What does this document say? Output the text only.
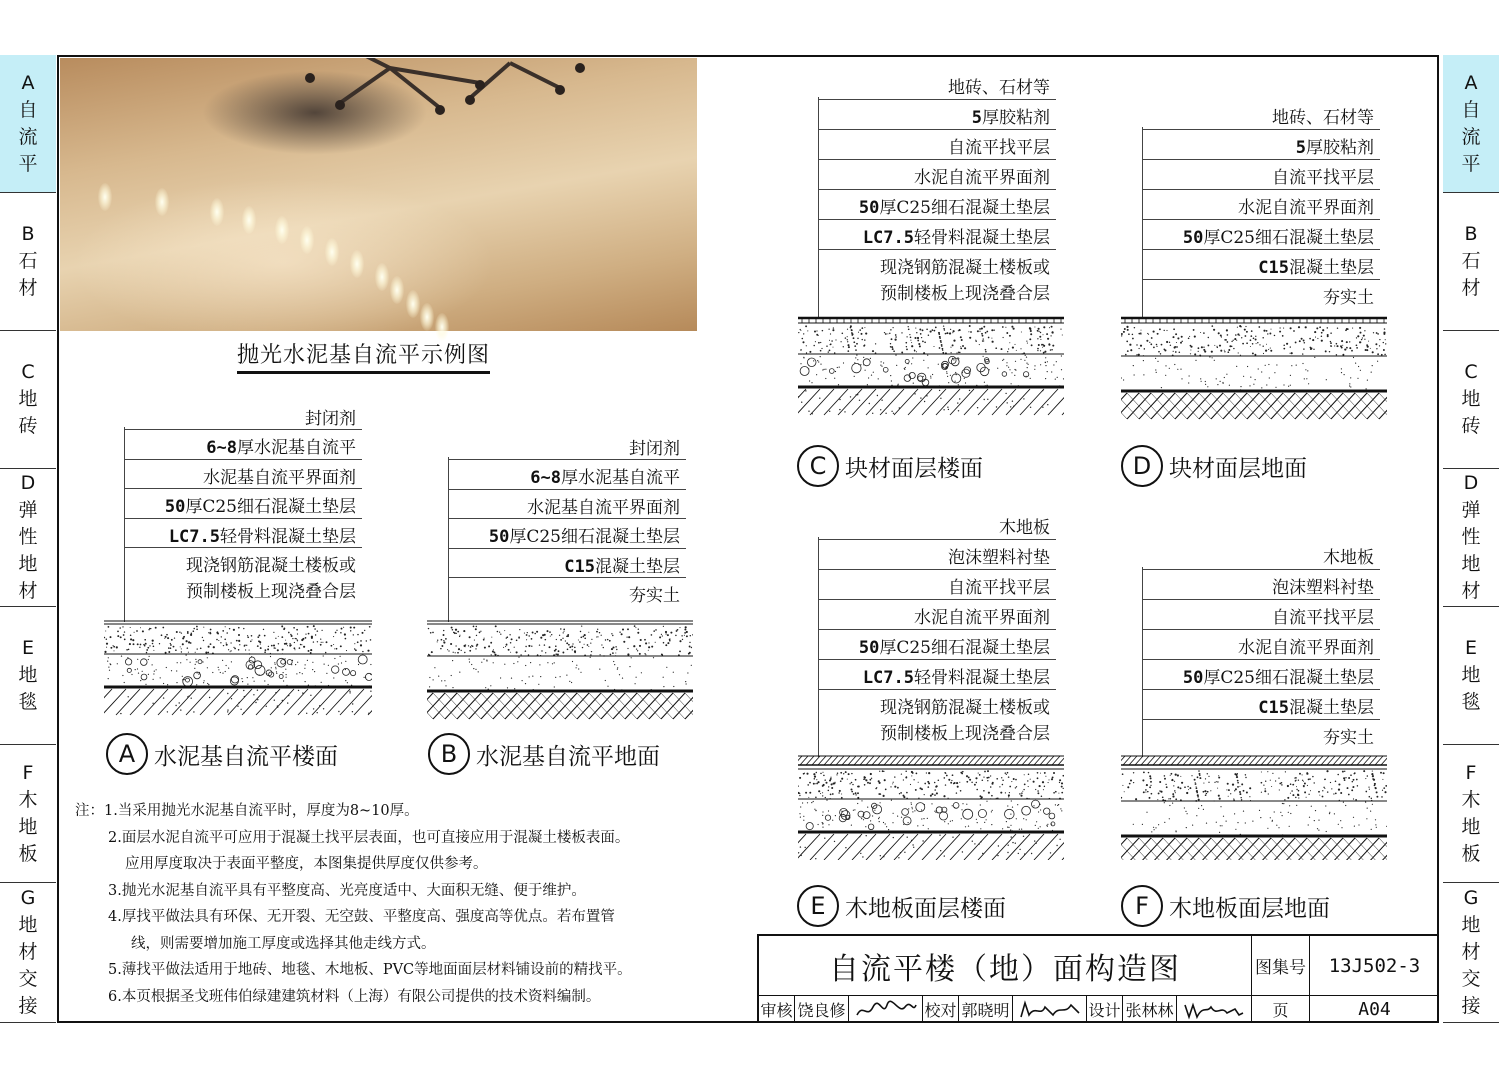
A
自流平
B
石材
C
地砖
D
弹性地材
E
地毯
F
木地板
G
地材交接
A
自流平
B
石材
C
地砖
D
弹性地材
E
地毯
F
木地板
G
地材交接
抛光水泥基自流平示例图
封闭剂
6~8厚水泥基自流平
水泥基自流平界面剂
50厚C25细石混凝土垫层
LC7.5轻骨料混凝土垫层
现浇钢筋混凝土楼板或
预制楼板上现浇叠合层
A 水泥基自流平楼面
封闭剂
6~8厚水泥基自流平
水泥基自流平界面剂
50厚C25细石混凝土垫层
C15混凝土垫层
夯实土
B 水泥基自流平地面
地砖、石材等
5厚胶粘剂
自流平找平层
水泥自流平界面剂
50厚C25细石混凝土垫层
LC7.5轻骨料混凝土垫层
现浇钢筋混凝土楼板或
预制楼板上现浇叠合层
C 块材面层楼面
地砖、石材等
5厚胶粘剂
自流平找平层
水泥自流平界面剂
50厚C25细石混凝土垫层
C15混凝土垫层
夯实土
D 块材面层地面
木地板
泡沫塑料衬垫
自流平找平层
水泥自流平界面剂
50厚C25细石混凝土垫层
LC7.5轻骨料混凝土垫层
现浇钢筋混凝土楼板或
预制楼板上现浇叠合层
E 木地板面层楼面
木地板
泡沫塑料衬垫
自流平找平层
水泥自流平界面剂
50厚C25细石混凝土垫层
C15混凝土垫层
夯实土
F 木地板面层地面
注：1.当采用抛光水泥基自流平时，厚度为8~10厚。
2.面层水泥自流平可应用于混凝土找平层表面，也可直接应用于混凝土楼板表面。
应用厚度取决于表面平整度，本图集提供厚度仅供参考。
3.抛光水泥基自流平具有平整度高、光亮度适中、大面积无缝、便于维护。
4.厚找平做法具有环保、无开裂、无空鼓、平整度高、强度高等优点。若布置管
线，则需要增加施工厚度或选择其他走线方式。
5.薄找平做法适用于地砖、地毯、木地板、PVC等地面面层材料铺设前的精找平。
6.本页根据圣戈班伟伯绿建建筑材料（上海）有限公司提供的技术资料编制。
自流平楼（地）面构造图	图集号	13J502-3
审核 饶良修	校对 郭晓明	设计 张林林	页	A04
